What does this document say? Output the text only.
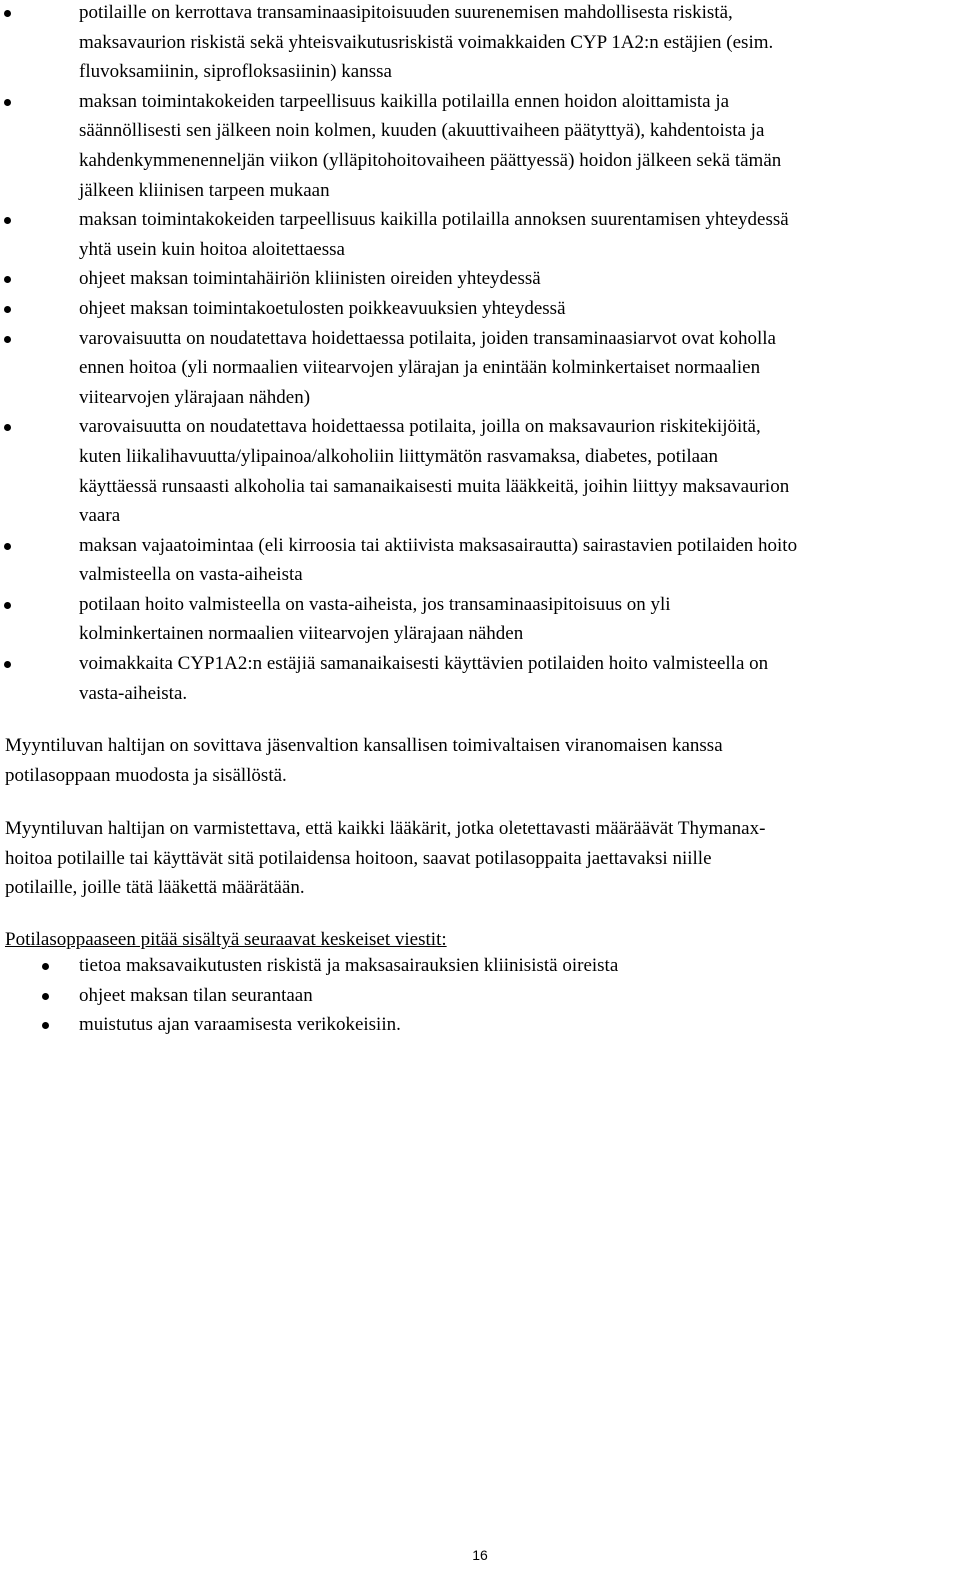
potilaille on kerrottava transaminaasipitoisuuden suurenemisen mahdollisesta riskistä,
maksavaurion riskistä sekä yhteisvaikutusriskistä voimakkaiden CYP 1A2:n estäjien (esim.
fluvoksamiinin, siprofloksasiinin) kanssa
maksan toimintakokeiden tarpeellisuus kaikilla potilailla ennen hoidon aloittamista ja
säännöllisesti sen jälkeen noin kolmen, kuuden (akuuttivaiheen päätyttyä), kahdentoista ja
kahdenkymmenenneljän viikon (ylläpitohoitovaiheen päättyessä) hoidon jälkeen sekä tämän
jälkeen kliinisen tarpeen mukaan
maksan toimintakokeiden tarpeellisuus kaikilla potilailla annoksen suurentamisen yhteydessä
yhtä usein kuin hoitoa aloitettaessa
ohjeet maksan toimintahäiriön kliinisten oireiden yhteydessä
ohjeet maksan toimintakoetulosten poikkeavuuksien yhteydessä
varovaisuutta on noudatettava hoidettaessa potilaita, joiden transaminaasiarvot ovat koholla
ennen hoitoa (yli normaalien viitearvojen ylärajan ja enintään kolminkertaiset normaalien
viitearvojen ylärajaan nähden)
varovaisuutta on noudatettava hoidettaessa potilaita, joilla on maksavaurion riskitekijöitä,
kuten liikalihavuutta/ylipainoa/alkoholiin liittymätön rasvamaksa, diabetes, potilaan
käyttäessä runsaasti alkoholia tai samanaikaisesti muita lääkkeitä, joihin liittyy maksavaurion
vaara
maksan vajaatoimintaa (eli kirroosia tai aktiivista maksasairautta) sairastavien potilaiden hoito
valmisteella on vasta-aiheista
potilaan hoito valmisteella on vasta-aiheista, jos transaminaasipitoisuus on yli
kolminkertainen normaalien viitearvojen ylärajaan nähden
voimakkaita CYP1A2:n estäjiä samanaikaisesti käyttävien potilaiden hoito valmisteella on
vasta-aiheista.

Myyntiluvan haltijan on sovittava jäsenvaltion kansallisen toimivaltaisen viranomaisen kanssa
potilasoppaan muodosta ja sisällöstä.

Myyntiluvan haltijan on varmistettava, että kaikki lääkärit, jotka oletettavasti määräävät Thymanax-
hoitoa potilaille tai käyttävät sitä potilaidensa hoitoon, saavat potilasoppaita jaettavaksi niille
potilaille, joille tätä lääkettä määrätään.

Potilasoppaaseen pitää sisältyä seuraavat keskeiset viestit:

tietoa maksavaikutusten riskistä ja maksasairauksien kliinisistä oireista
ohjeet maksan tilan seurantaan
muistutus ajan varaamisesta verikokeisiin.
16
